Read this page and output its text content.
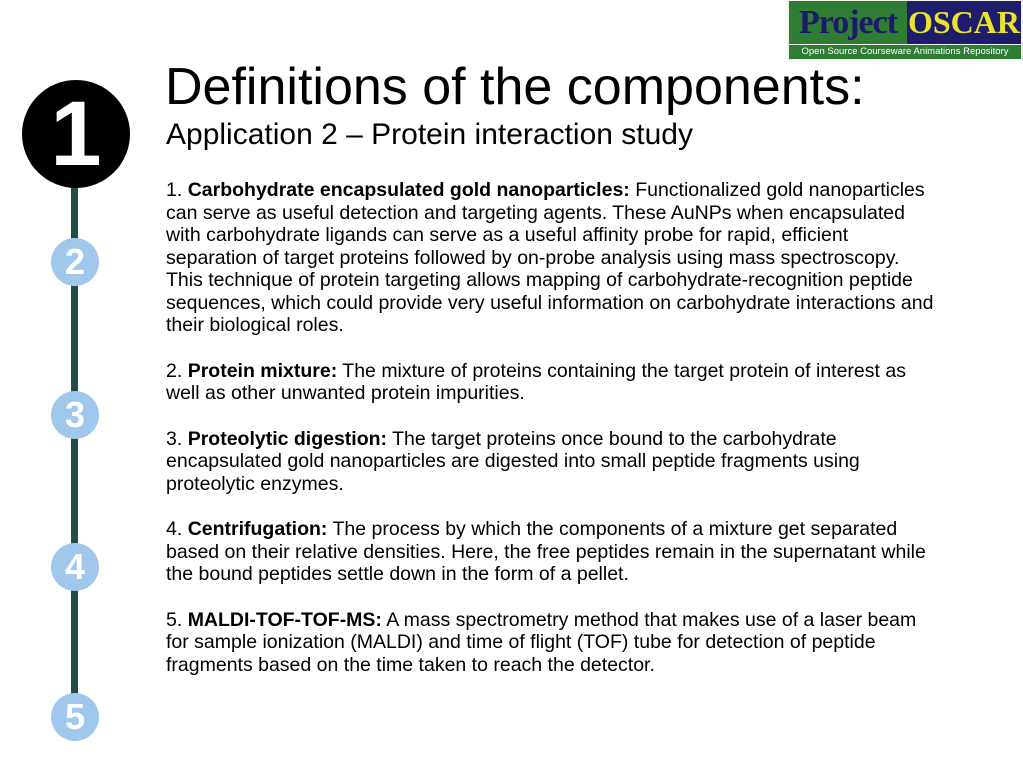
Project OSCAR
Open Source Courseware Animations Repository
1
2
3
4
5
Definitions of the components:
Application 2 – Protein interaction study

1. Carbohydrate encapsulated gold nanoparticles: Functionalized gold nanoparticles can serve as useful detection and targeting agents. These AuNPs when encapsulated with carbohydrate ligands can serve as a useful affinity probe for rapid, efficient separation of target proteins followed by on-probe analysis using mass spectroscopy. This technique of protein targeting allows mapping of carbohydrate-recognition peptide sequences, which could provide very useful information on carbohydrate interactions and their biological roles.

2. Protein mixture: The mixture of proteins containing the target protein of interest as well as other unwanted protein impurities.

3. Proteolytic digestion: The target proteins once bound to the carbohydrate encapsulated gold nanoparticles are digested into small peptide fragments using proteolytic enzymes.

4. Centrifugation: The process by which the components of a mixture get separated based on their relative densities. Here, the free peptides remain in the supernatant while the bound peptides settle down in the form of a pellet.

5. MALDI-TOF-TOF-MS: A mass spectrometry method that makes use of a laser beam for sample ionization (MALDI) and time of flight (TOF) tube for detection of peptide fragments based on the time taken to reach the detector.
